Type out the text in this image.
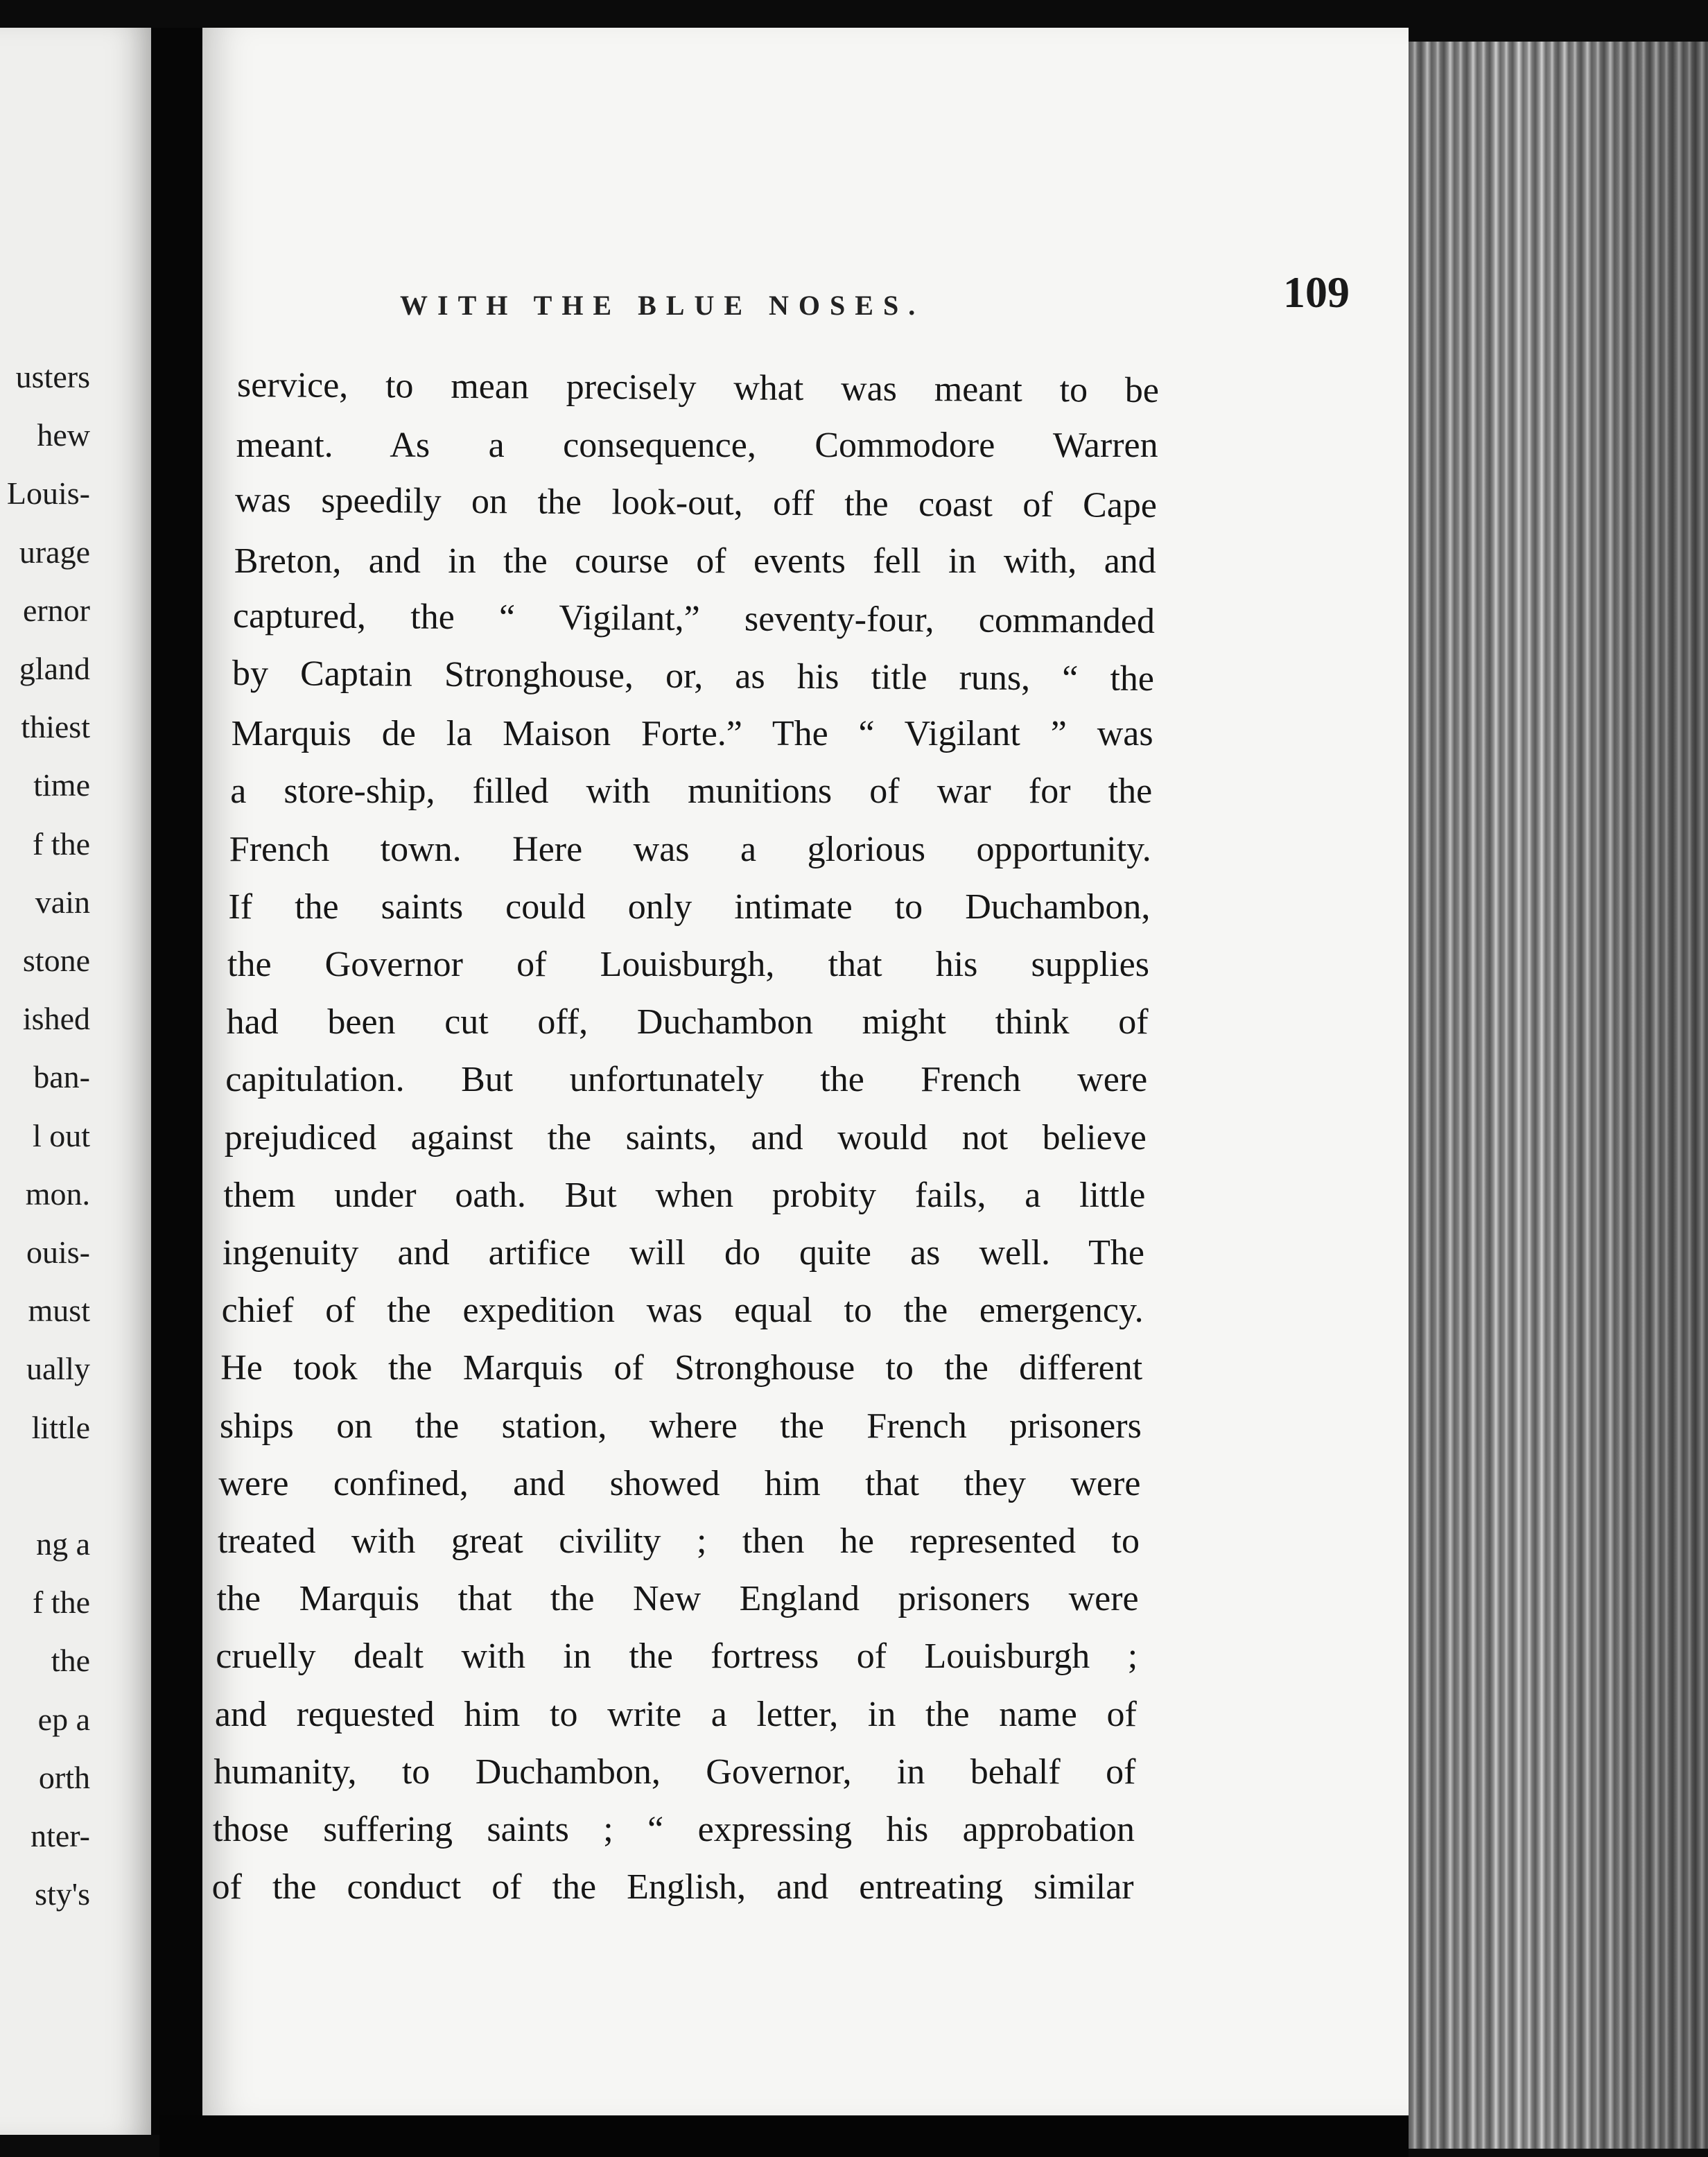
usters
hew
Louis-
urage
ernor
gland
thiest
time
f the
vain
stone
ished
ban-
l out
mon.
ouis-
must
ually
little
ng a
f the
the
ep a
orth
nter-
sty's
WITH THE BLUE NOSES.	109
service, to mean precisely what was meant to be
meant. As a consequence, Commodore Warren
was speedily on the look-out, off the coast of Cape
Breton, and in the course of events fell in with, and
captured, the “ Vigilant,” seventy-four, commanded
by Captain Stronghouse, or, as his title runs, “ the
Marquis de la Maison Forte.” The “ Vigilant ” was
a store-ship, filled with munitions of war for the
French town. Here was a glorious opportunity.
If the saints could only intimate to Duchambon,
the Governor of Louisburgh, that his supplies
had been cut off, Duchambon might think of
capitulation. But unfortunately the French were
prejudiced against the saints, and would not believe
them under oath. But when probity fails, a little
ingenuity and artifice will do quite as well. The
chief of the expedition was equal to the emergency.
He took the Marquis of Stronghouse to the different
ships on the station, where the French prisoners
were confined, and showed him that they were
treated with great civility ; then he represented to
the Marquis that the New England prisoners were
cruelly dealt with in the fortress of Louisburgh ;
and requested him to write a letter, in the name of
humanity, to Duchambon, Governor, in behalf of
those suffering saints ; “ expressing his approbation
of the conduct of the English, and entreating similar
